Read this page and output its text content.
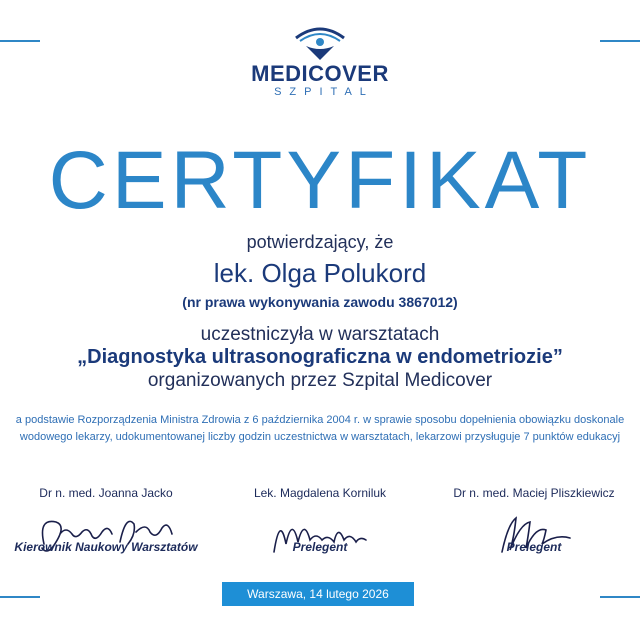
MEDICOVER
SZPITAL
CERTYFIKAT
potwierdzający, że
lek. Olga Polukord
(nr prawa wykonywania zawodu 3867012)
uczestniczyła w warsztatach
„Diagnostyka ultrasonograficzna w endometriozie”
organizowanych przez Szpital Medicover
a podstawie Rozporządzenia Ministra Zdrowia z 6 października 2004 r. w sprawie sposobu dopełnienia obowiązku doskonale
wodowego lekarzy, udokumentowanej liczby godzin uczestnictwa w warsztatach, lekarzowi przysługuje 7 punktów edukacyj
Dr n. med. Joanna Jacko
Kierownik Naukowy Warsztatów
Lek. Magdalena Korniluk
Prelegent
Dr n. med. Maciej Pliszkiewicz
Prelegent
Warszawa, 14 lutego 2026
